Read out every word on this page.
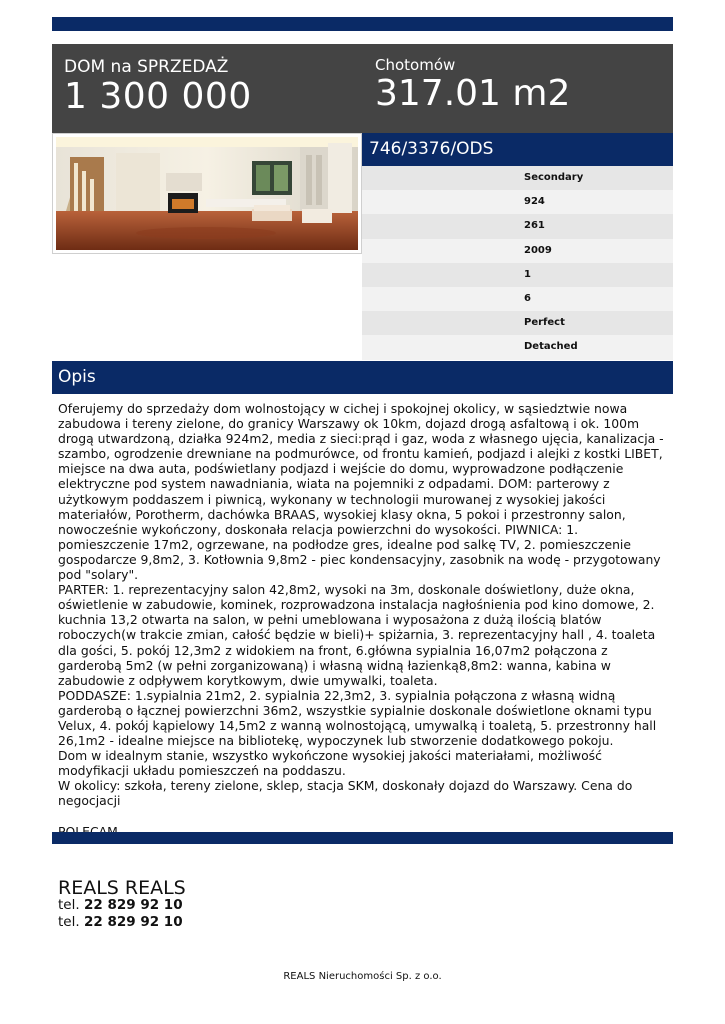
DOM na SPRZEDAŻ
1 300 000
Chotomów
317.01 m2
746/3376/ODS
Secondary
924
261
2009
1
6
Perfect
Detached
Opis
Oferujemy do sprzedaży dom wolnostojący w cichej i spokojnej okolicy, w sąsiedztwie nowa zabudowa i tereny zielone, do granicy Warszawy ok 10km, dojazd drogą asfaltową i ok. 100m drogą utwardzoną, działka 924m2, media z sieci:prąd i gaz, woda z własnego ujęcia, kanalizacja - szambo, ogrodzenie drewniane na podmurówce, od frontu kamień, podjazd i alejki z kostki LIBET, miejsce na dwa auta, podświetlany podjazd i wejście do domu, wyprowadzone podłączenie elektryczne pod system nawadniania, wiata na pojemniki z odpadami. DOM: parterowy z użytkowym poddaszem i piwnicą, wykonany w technologii murowanej z wysokiej jakości materiałów, Porotherm, dachówka BRAAS, wysokiej klasy okna, 5 pokoi i przestronny salon, nowocześnie wykończony, doskonała relacja powierzchni do wysokości. PIWNICA: 1. pomieszczenie 17m2, ogrzewane, na podłodze gres, idealne pod salkę TV, 2. pomieszczenie gospodarcze 9,8m2, 3. Kotłownia 9,8m2 - piec kondensacyjny, zasobnik na wodę - przygotowany pod "solary".
PARTER: 1. reprezentacyjny salon 42,8m2, wysoki na 3m, doskonale doświetlony, duże okna, oświetlenie w zabudowie, kominek, rozprowadzona instalacja nagłośnienia pod kino domowe, 2. kuchnia 13,2 otwarta na salon, w pełni umeblowana i wyposażona z dużą ilością blatów roboczych(w trakcie zmian, całość będzie w bieli)+ spiżarnia, 3. reprezentacyjny hall , 4. toaleta dla gości, 5. pokój 12,3m2 z widokiem na front, 6.główna sypialnia 16,07m2 połączona z garderobą 5m2 (w pełni zorganizowaną) i własną widną łazienką8,8m2: wanna, kabina w zabudowie z odpływem korytkowym, dwie umywalki, toaleta.
PODDASZE: 1.sypialnia 21m2, 2. sypialnia 22,3m2, 3. sypialnia połączona z własną widną garderobą o łącznej powierzchni 36m2, wszystkie sypialnie doskonale doświetlone oknami typu Velux, 4. pokój kąpielowy 14,5m2 z wanną wolnostojącą, umywalką i toaletą, 5. przestronny hall 26,1m2 - idealne miejsce na bibliotekę, wypoczynek lub stworzenie dodatkowego pokoju.
Dom w idealnym stanie, wszystko wykończone wysokiej jakości materiałami, możliwość modyfikacji układu pomieszczeń na poddaszu.
W okolicy: szkoła, tereny zielone, sklep, stacja SKM, doskonały dojazd do Warszawy. Cena do negocjacji

REALS REALS
tel. 22 829 92 10
tel. 22 829 92 10
REALS Nieruchomości Sp. z o.o.
